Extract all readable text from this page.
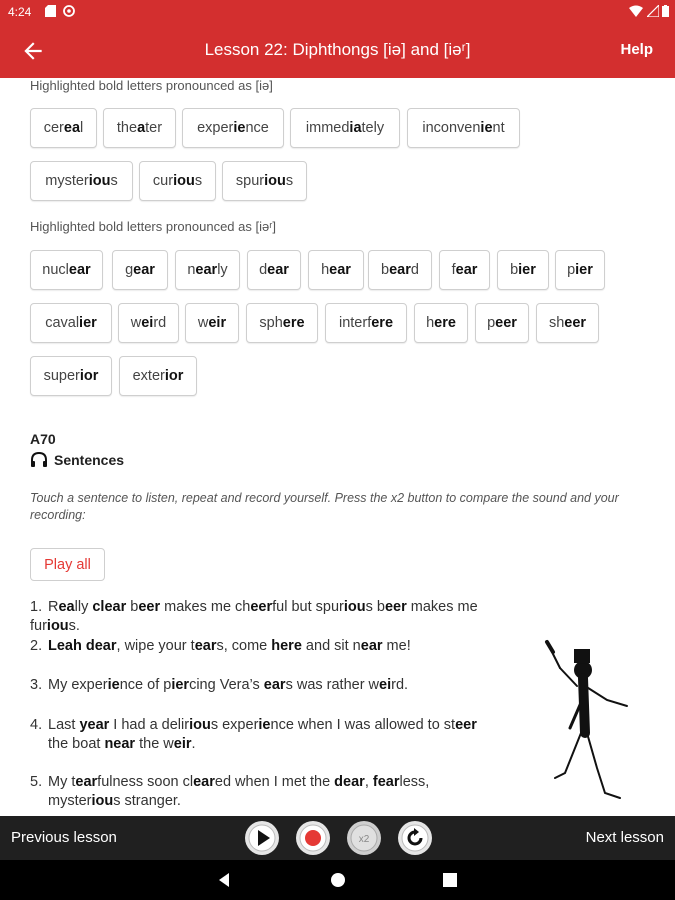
4:24
Lesson 22: Diphthongs [iə] and [iəʳ]	Help
Highlighted bold letters pronounced as [iə]
cer ea l the a ter exper ie nce	immed ia tely	inconven ie nt
myster iou s cur iou s spur iou s
Highlighted bold letters pronounced as [iəʳ]
nucl ear g ear n ear ly d ear h ear b ear d f ear b ier p ier
caval ier w ei rd w eir sph ere interf ere h ere p eer sh eer
super ior exter ior
A70
Sentences
Touch a sentence to listen, repeat and record yourself. Press the x2 button to compare the sound and your recording:
Play all
1. Really clear beer makes me cheerful but spurious beer makes me furious.
2. Leah dear, wipe your tears, come here and sit near me!
3. My experience of piercing Vera’s ears was rather weird.
4. Last year I had a delirious experience when I was allowed to steer
the boat near the weir.
5. My tearfulness soon cleared when I met the dear, fearless,
mysterious stranger.
Previous lesson	x2	Next lesson
